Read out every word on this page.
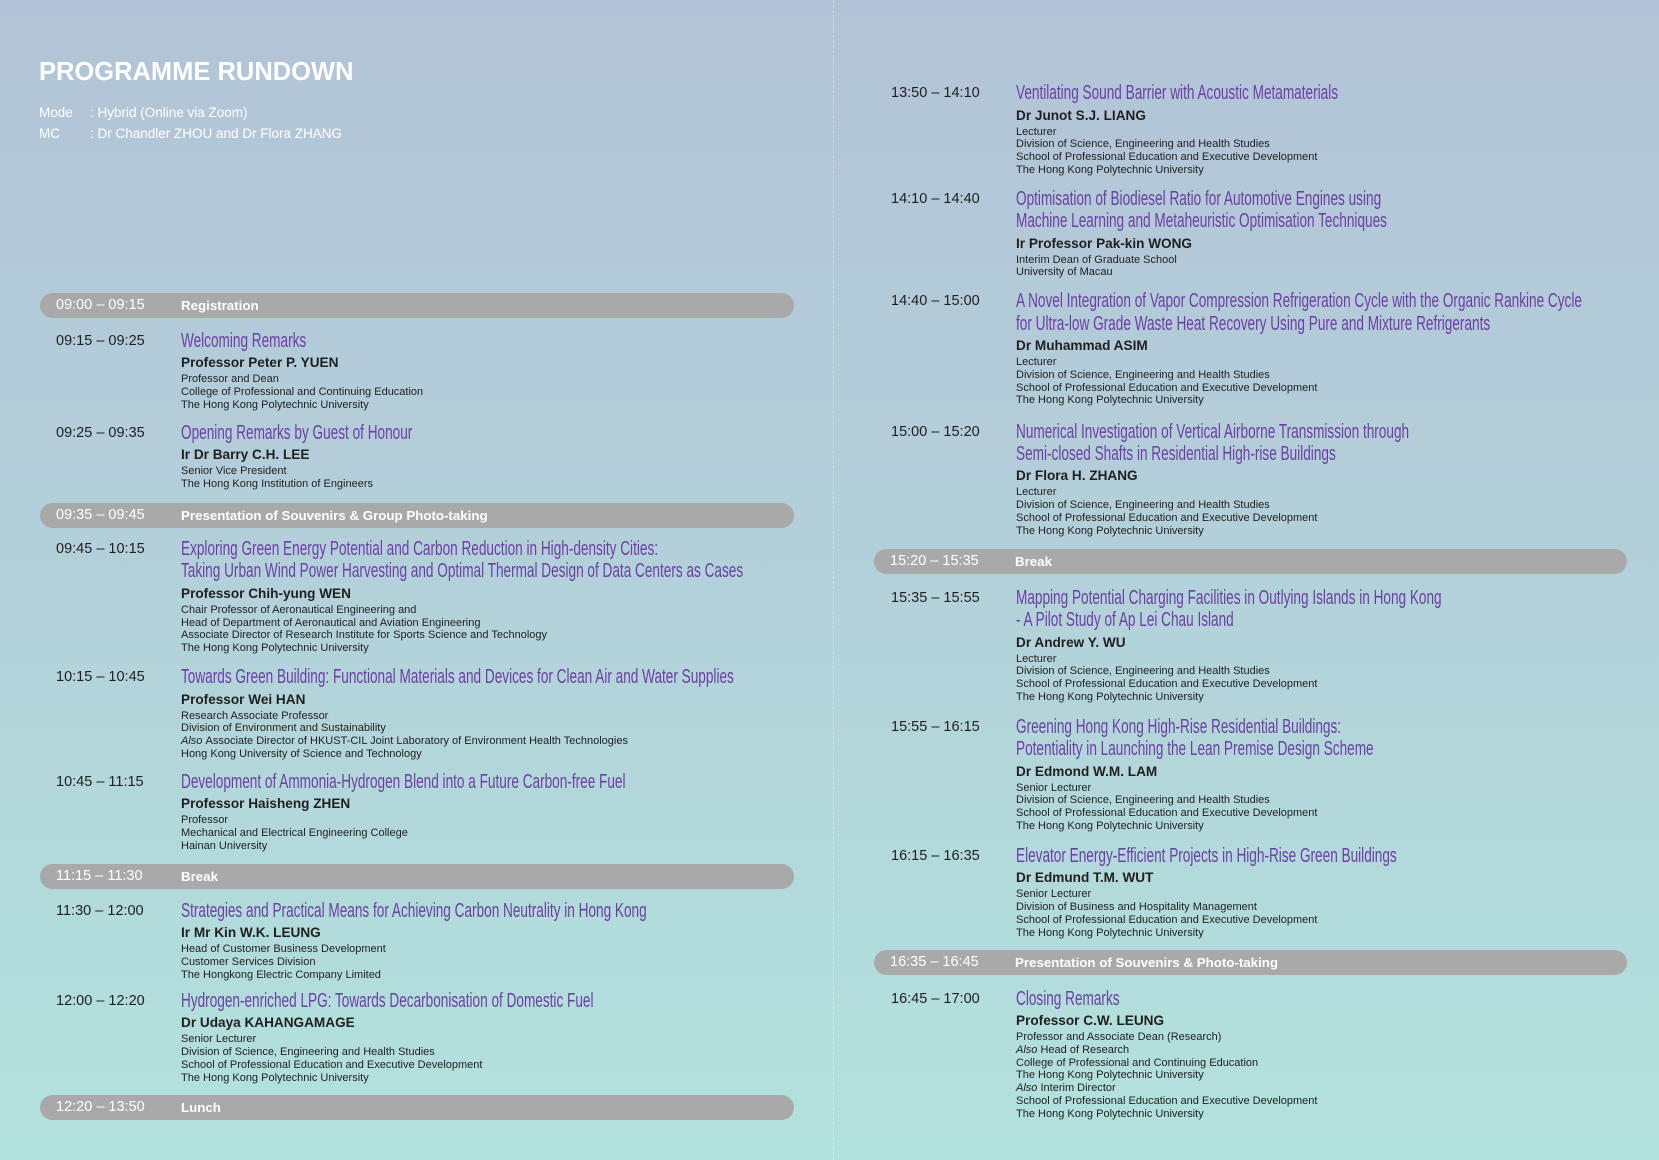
PROGRAMME RUNDOWN
Mode : Hybrid (Online via Zoom)
MC : Dr Chandler ZHOU and Dr Flora ZHANG
09:00 – 09:15	Registration
09:15 – 09:25 Welcoming Remarks
Professor Peter P. YUEN
Professor and Dean
College of Professional and Continuing Education
The Hong Kong Polytechnic University
09:25 – 09:35 Opening Remarks by Guest of Honour
Ir Dr Barry C.H. LEE
Senior Vice President
The Hong Kong Institution of Engineers
09:35 – 09:45	Presentation of Souvenirs & Group Photo-taking
09:45 – 10:15 Exploring Green Energy Potential and Carbon Reduction in High-density Cities:
Taking Urban Wind Power Harvesting and Optimal Thermal Design of Data Centers as Cases
Professor Chih-yung WEN
Chair Professor of Aeronautical Engineering and
Head of Department of Aeronautical and Aviation Engineering
Associate Director of Research Institute for Sports Science and Technology
The Hong Kong Polytechnic University
10:15 – 10:45 Towards Green Building: Functional Materials and Devices for Clean Air and Water Supplies
Professor Wei HAN
Research Associate Professor
Division of Environment and Sustainability
Also Associate Director of HKUST-CIL Joint Laboratory of Environment Health Technologies
Hong Kong University of Science and Technology
10:45 – 11:15 Development of Ammonia-Hydrogen Blend into a Future Carbon-free Fuel
Professor Haisheng ZHEN
Professor
Mechanical and Electrical Engineering College
Hainan University
11:15 – 11:30	Break
11:30 – 12:00 Strategies and Practical Means for Achieving Carbon Neutrality in Hong Kong
Ir Mr Kin W.K. LEUNG
Head of Customer Business Development
Customer Services Division
The Hongkong Electric Company Limited
12:00 – 12:20 Hydrogen-enriched LPG: Towards Decarbonisation of Domestic Fuel
Dr Udaya KAHANGAMAGE
Senior Lecturer
Division of Science, Engineering and Health Studies
School of Professional Education and Executive Development
The Hong Kong Polytechnic University
12:20 – 13:50	Lunch
13:50 – 14:10 Ventilating Sound Barrier with Acoustic Metamaterials
Dr Junot S.J. LIANG
Lecturer
Division of Science, Engineering and Health Studies
School of Professional Education and Executive Development
The Hong Kong Polytechnic University
14:10 – 14:40 Optimisation of Biodiesel Ratio for Automotive Engines using
Machine Learning and Metaheuristic Optimisation Techniques
Ir Professor Pak-kin WONG
Interim Dean of Graduate School
University of Macau
14:40 – 15:00 A Novel Integration of Vapor Compression Refrigeration Cycle with the Organic Rankine Cycle
for Ultra-low Grade Waste Heat Recovery Using Pure and Mixture Refrigerants
Dr Muhammad ASIM
Lecturer
Division of Science, Engineering and Health Studies
School of Professional Education and Executive Development
The Hong Kong Polytechnic University
15:00 – 15:20 Numerical Investigation of Vertical Airborne Transmission through
Semi-closed Shafts in Residential High-rise Buildings
Dr Flora H. ZHANG
Lecturer
Division of Science, Engineering and Health Studies
School of Professional Education and Executive Development
The Hong Kong Polytechnic University
15:20 – 15:35	Break
15:35 – 15:55 Mapping Potential Charging Facilities in Outlying Islands in Hong Kong
- A Pilot Study of Ap Lei Chau Island
Dr Andrew Y. WU
Lecturer
Division of Science, Engineering and Health Studies
School of Professional Education and Executive Development
The Hong Kong Polytechnic University
15:55 – 16:15 Greening Hong Kong High-Rise Residential Buildings:
Potentiality in Launching the Lean Premise Design Scheme
Dr Edmond W.M. LAM
Senior Lecturer
Division of Science, Engineering and Health Studies
School of Professional Education and Executive Development
The Hong Kong Polytechnic University
16:15 – 16:35 Elevator Energy-Efficient Projects in High-Rise Green Buildings
Dr Edmund T.M. WUT
Senior Lecturer
Division of Business and Hospitality Management
School of Professional Education and Executive Development
The Hong Kong Polytechnic University
16:35 – 16:45	Presentation of Souvenirs & Photo-taking
16:45 – 17:00 Closing Remarks
Professor C.W. LEUNG
Professor and Associate Dean (Research)
Also Head of Research
College of Professional and Continuing Education
The Hong Kong Polytechnic University
Also Interim Director
School of Professional Education and Executive Development
The Hong Kong Polytechnic University
